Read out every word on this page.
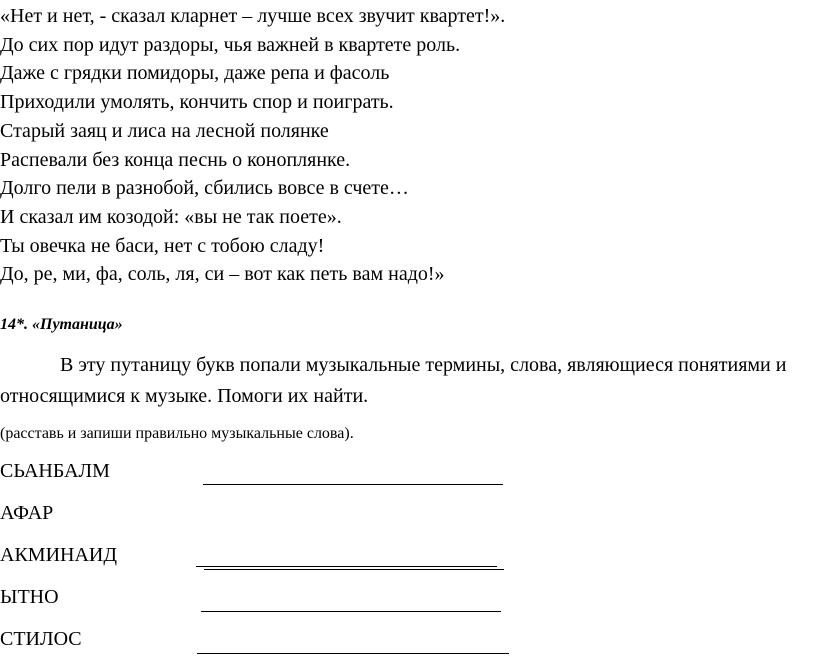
«Нет и нет, - сказал кларнет – лучше всех звучит квартет!».
До сих пор идут раздоры, чья важней в квартете роль.
Даже с грядки помидоры, даже репа и фасоль
Приходили умолять, кончить спор и поиграть.
Старый заяц и лиса на лесной полянке
Распевали без конца песнь о коноплянке.
Долго пели в разнобой, сбились вовсе в счете…
И сказал им козодой: «вы не так поете».
Ты овечка не баси, нет с тобою сладу!
До, ре, ми, фа, соль, ля, си – вот как петь вам надо!»
14*. «Путаница»

В эту путаницу букв попали музыкальные термины, слова, являющиеся понятиями и относящимися к музыке. Помоги их найти.

(расставь и запиши правильно музыкальные слова).
СЬАНБАЛМ
АФАР
АКМИНАИД
ЫТНО
СТИЛОС
